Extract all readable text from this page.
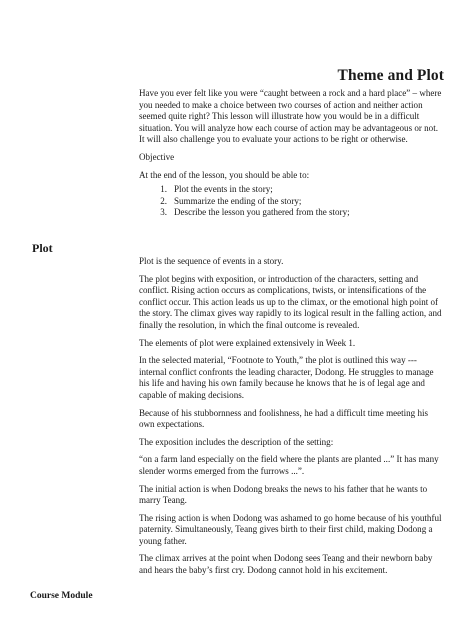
Theme and Plot

Have you ever felt like you were “caught between a rock and a hard place” – where you needed to make a choice between two courses of action and neither action seemed quite right? This lesson will illustrate how you would be in a difficult situation. You will analyze how each course of action may be advantageous or not. It will also challenge you to evaluate your actions to be right or otherwise.

Objective

At the end of the lesson, you should be able to:

1. Plot the events in the story;
2. Summarize the ending of the story;
3. Describe the lesson you gathered from the story;
Plot

Plot is the sequence of events in a story.

The plot begins with exposition, or introduction of the characters, setting and conflict. Rising action occurs as complications, twists, or intensifications of the conflict occur. This action leads us up to the climax, or the emotional high point of the story. The climax gives way rapidly to its logical result in the falling action, and finally the resolution, in which the final outcome is revealed.

The elements of plot were explained extensively in Week 1.

In the selected material, “Footnote to Youth,” the plot is outlined this way --- internal conflict confronts the leading character, Dodong. He struggles to manage his life and having his own family because he knows that he is of legal age and capable of making decisions.

Because of his stubbornness and foolishness, he had a difficult time meeting his own expectations.

The exposition includes the description of the setting:

“on a farm land especially on the field where the plants are planted ...” It has many slender worms emerged from the furrows ...”.

The initial action is when Dodong breaks the news to his father that he wants to marry Teang.

The rising action is when Dodong was ashamed to go home because of his youthful paternity. Simultaneously, Teang gives birth to their first child, making Dodong a young father.

The climax arrives at the point when Dodong sees Teang and their newborn baby and hears the baby’s first cry. Dodong cannot hold in his excitement.

Course Module
